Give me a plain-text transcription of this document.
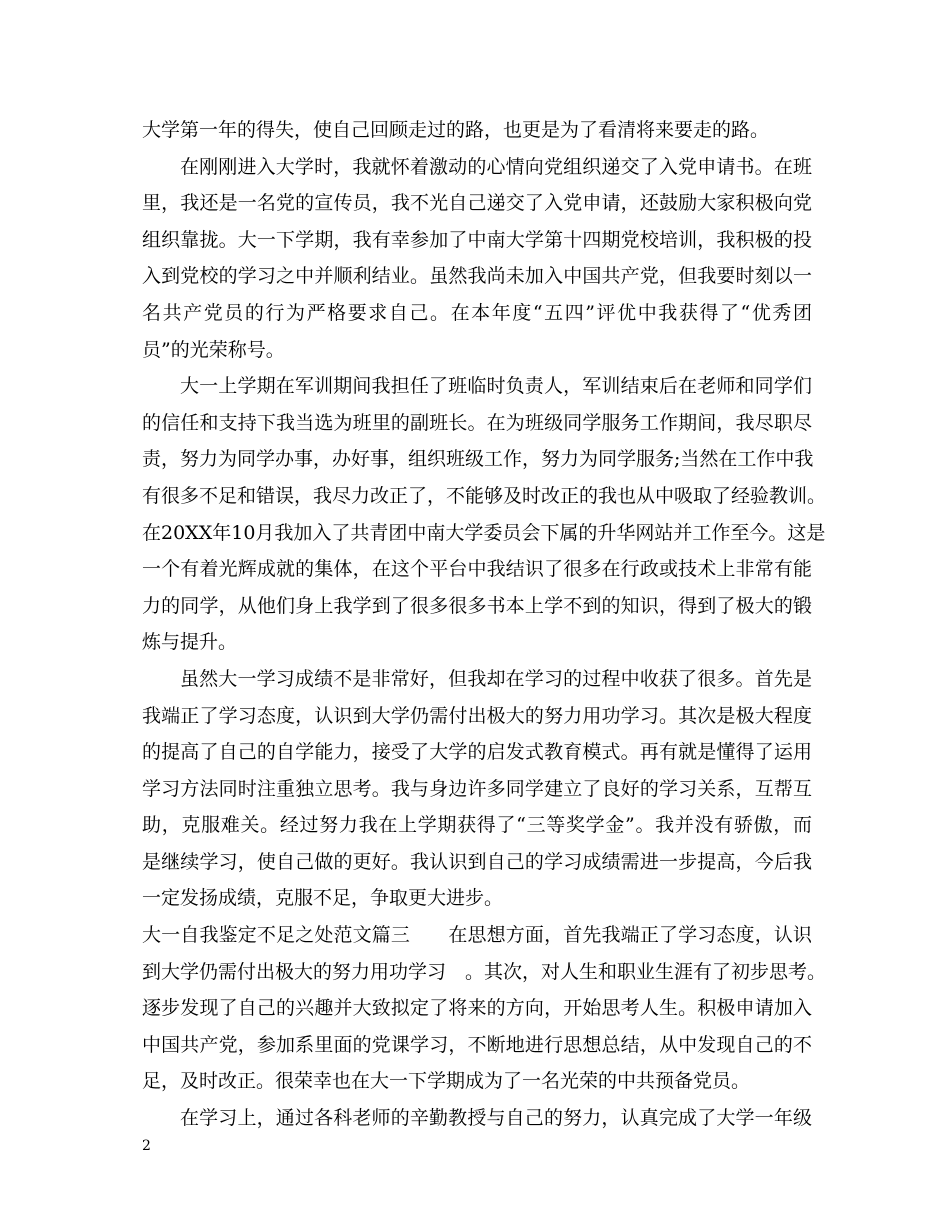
大学第一年的得失，使自己回顾走过的路，也更是为了看清将来要走的路。
在刚刚进入大学时，我就怀着激动的心情向党组织递交了入党申请书。在班
里，我还是一名党的宣传员，我不光自己递交了入党申请，还鼓励大家积极向党
组织靠拢。大一下学期，我有幸参加了中南大学第十四期党校培训，我积极的投
入到党校的学习之中并顺利结业。虽然我尚未加入中国共产党，但我要时刻以一
名共产党员的行为严格要求自己。在本年度“五四”评优中我获得了“优秀团
员”的光荣称号。
大一上学期在军训期间我担任了班临时负责人，军训结束后在老师和同学们
的信任和支持下我当选为班里的副班长。在为班级同学服务工作期间，我尽职尽
责，努力为同学办事，办好事，组织班级工作，努力为同学服务;当然在工作中我
有很多不足和错误，我尽力改正了，不能够及时改正的我也从中吸取了经验教训。
在20XX年10月我加入了共青团中南大学委员会下属的升华网站并工作至今。这是
一个有着光辉成就的集体，在这个平台中我结识了很多在行政或技术上非常有能
力的同学，从他们身上我学到了很多很多书本上学不到的知识，得到了极大的锻
炼与提升。
虽然大一学习成绩不是非常好，但我却在学习的过程中收获了很多。首先是
我端正了学习态度，认识到大学仍需付出极大的努力用功学习。其次是极大程度
的提高了自己的自学能力，接受了大学的启发式教育模式。再有就是懂得了运用
学习方法同时注重独立思考。我与身边许多同学建立了良好的学习关系，互帮互
助，克服难关。经过努力我在上学期获得了“三等奖学金”。我并没有骄傲，而
是继续学习，使自己做的更好。我认识到自己的学习成绩需进一步提高，今后我
一定发扬成绩，克服不足，争取更大进步。
大一自我鉴定不足之处范文篇三　　在思想方面，首先我端正了学习态度，认识
到大学仍需付出极大的努力用功学习　。其次，对人生和职业生涯有了初步思考。
逐步发现了自己的兴趣并大致拟定了将来的方向，开始思考人生。积极申请加入
中国共产党，参加系里面的党课学习，不断地进行思想总结，从中发现自己的不
足，及时改正。很荣幸也在大一下学期成为了一名光荣的中共预备党员。
在学习上，通过各科老师的辛勤教授与自己的努力，认真完成了大学一年级
2
